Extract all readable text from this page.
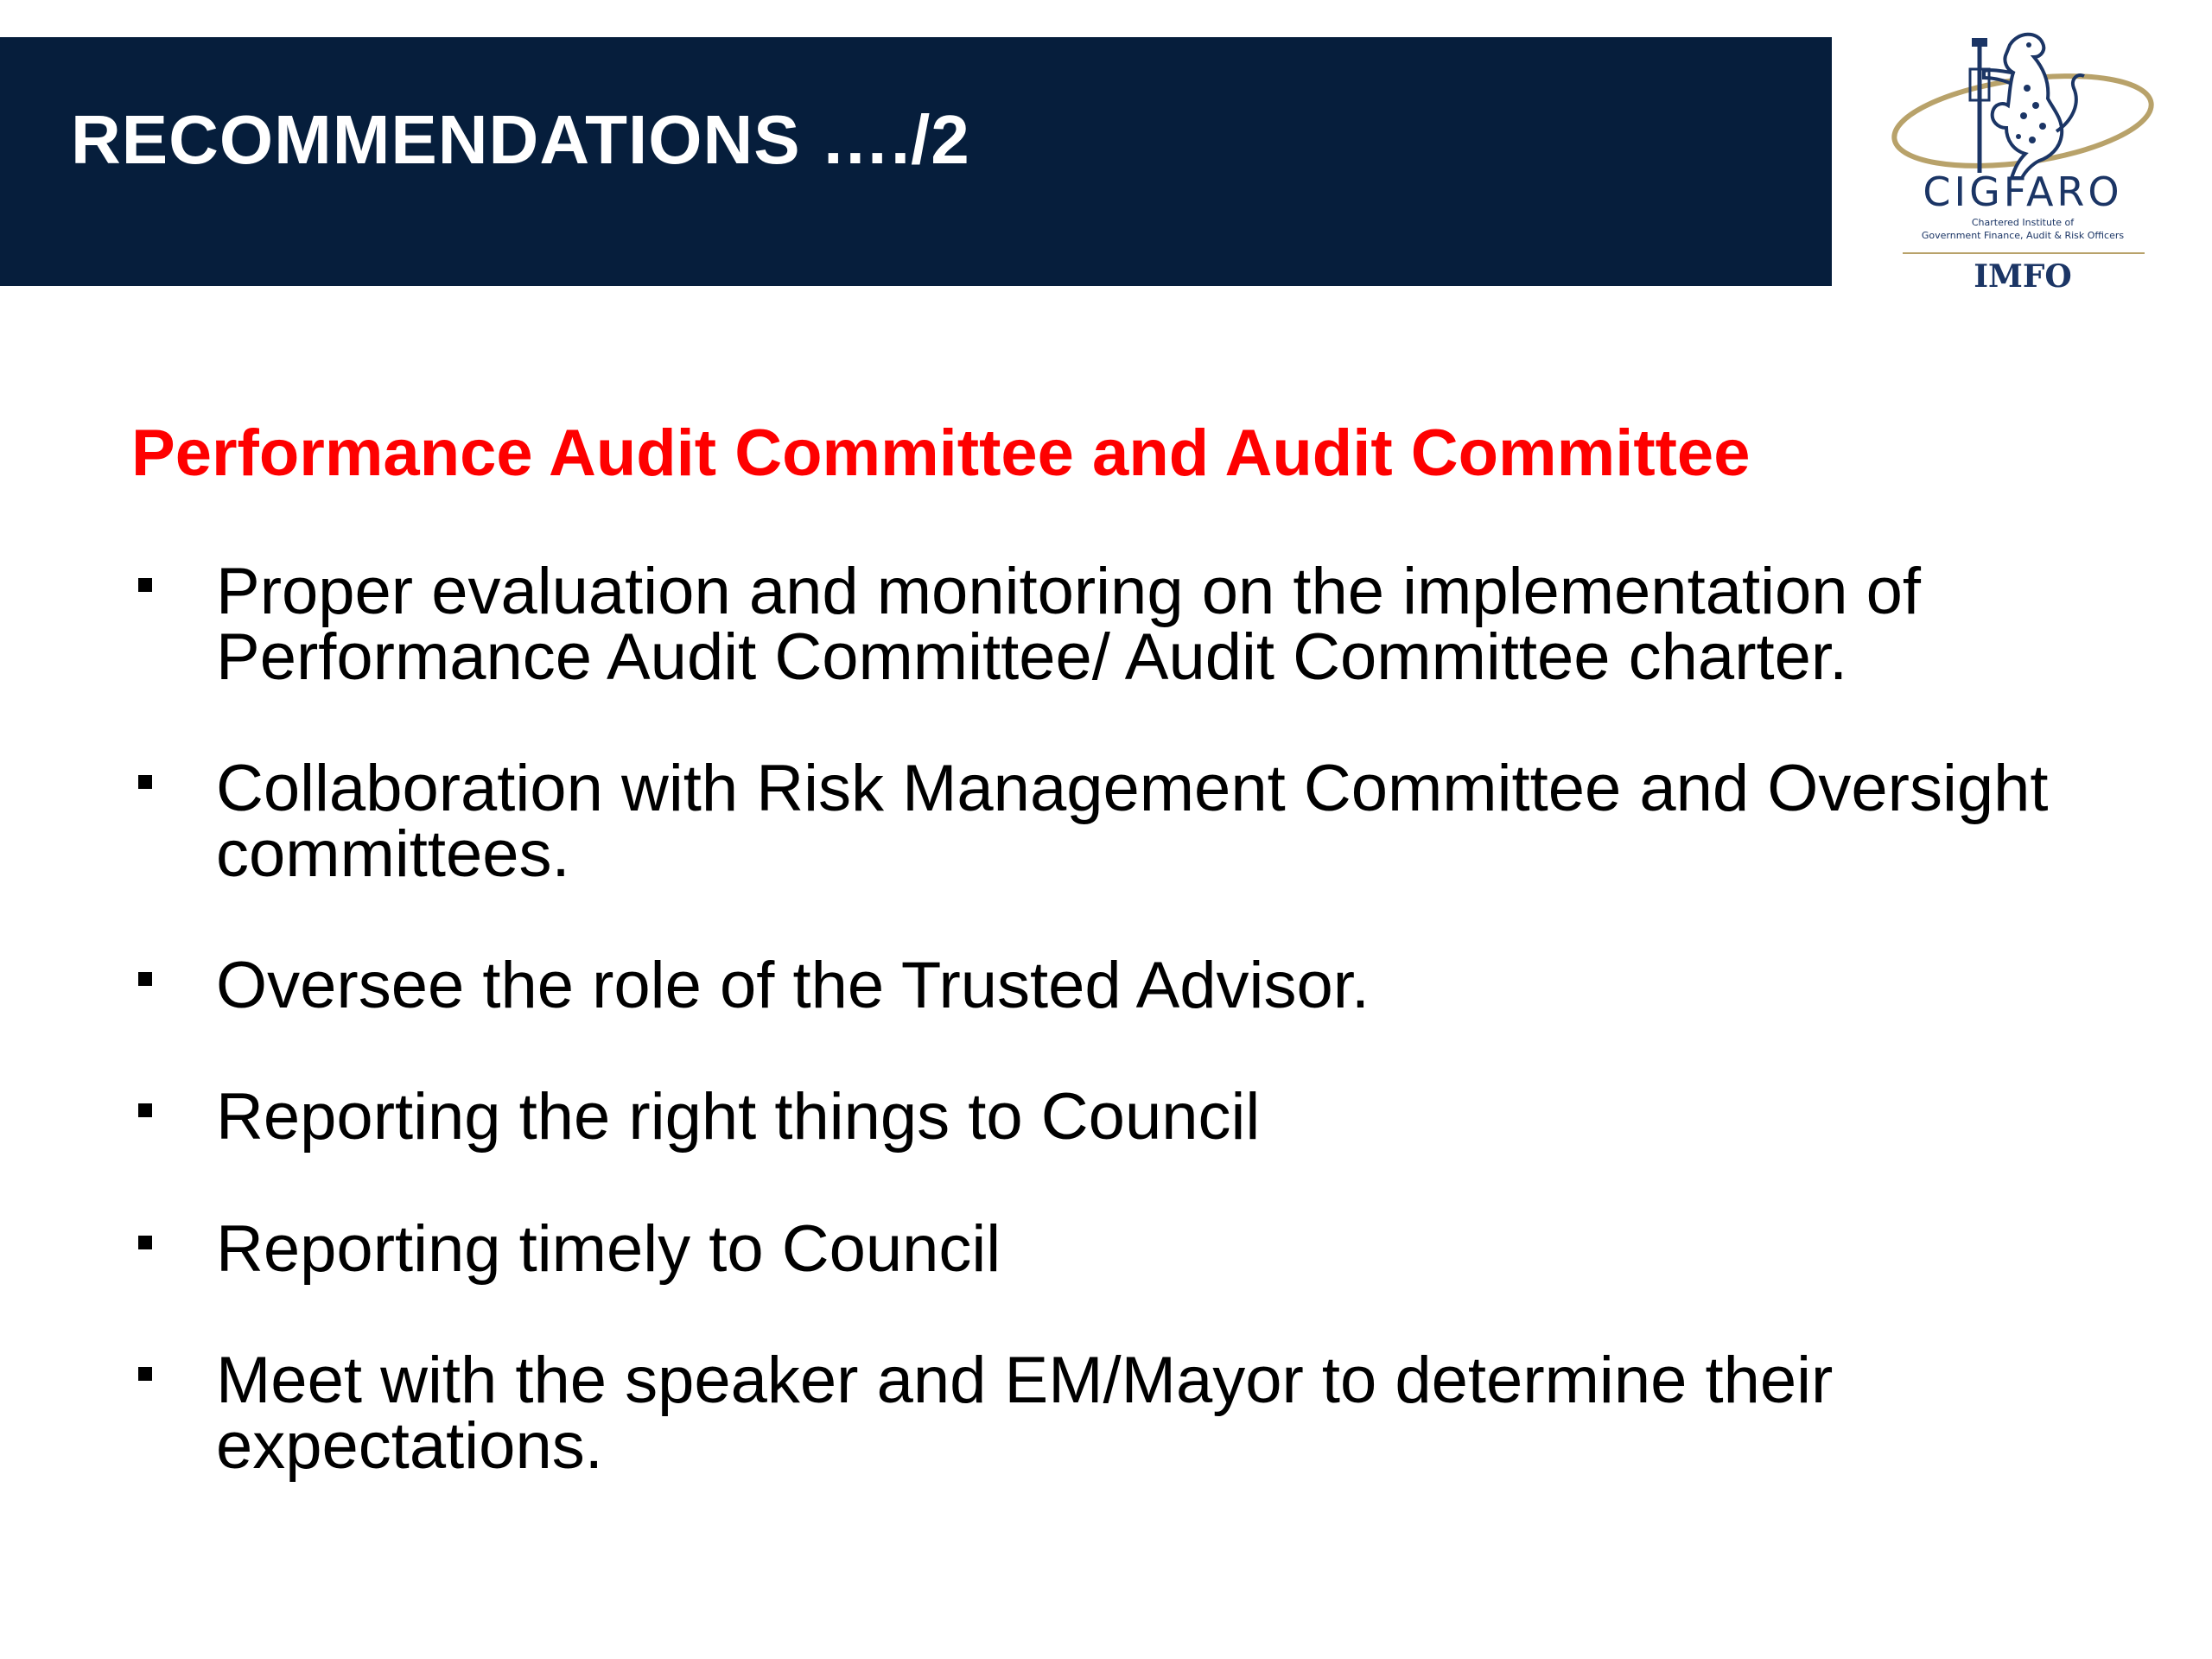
RECOMMENDATIONS …./2
CIGFARO
Chartered Institute of
Government Finance, Audit & Risk Officers
IMFO
Performance Audit Committee and Audit Committee
Proper evaluation and monitoring on the implementation of Performance Audit Committee/ Audit Committee charter.
Collaboration with Risk Management Committee and Oversight committees.
Oversee the role of the Trusted Advisor.
Reporting the right things to Council
Reporting timely to Council
Meet with the speaker and EM/Mayor to determine their expectations.
